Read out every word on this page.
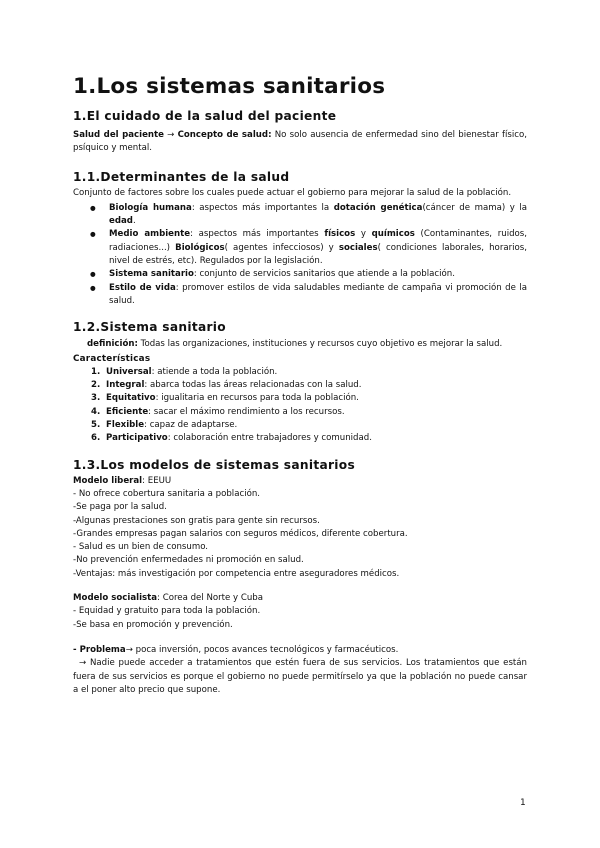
1.Los sistemas sanitarios
1.El cuidado de la salud del paciente

Salud del paciente → Concepto de salud: No solo ausencia de enfermedad sino del bienestar físico, psíquico y mental.

1.1.Determinantes de la salud

Conjunto de factores sobre los cuales puede actuar el gobierno para mejorar la salud de la población.

● Biología humana: aspectos más importantes la dotación genética(cáncer de mama) y la edad.
● Medio ambiente: aspectos más importantes físicos y químicos (Contaminantes, ruidos, radiaciones...) Biológicos( agentes infecciosos) y sociales( condiciones laborales, horarios, nivel de estrés, etc). Regulados por la legislación.
● Sistema sanitario: conjunto de servicios sanitarios que atiende a la población.
● Estilo de vida: promover estilos de vida saludables mediante de campaña vi promoción de la salud.
1.2.Sistema sanitario

definición: Todas las organizaciones, instituciones y recursos cuyo objetivo es mejorar la salud.

Características

1. Universal: atiende a toda la población.
2. Integral: abarca todas las áreas relacionadas con la salud.
3. Equitativo: igualitaria en recursos para toda la población.
4. Eficiente: sacar el máximo rendimiento a los recursos.
5. Flexible: capaz de adaptarse.
6. Participativo: colaboración entre trabajadores y comunidad.
1.3.Los modelos de sistemas sanitarios

Modelo liberal: EEUU

- No ofrece cobertura sanitaria a población.

-Se paga por la salud.

-Algunas prestaciones son gratis para gente sin recursos.

-Grandes empresas pagan salarios con seguros médicos, diferente cobertura.

- Salud es un bien de consumo.

-No prevención enfermedades ni promoción en salud.

-Ventajas: más investigación por competencia entre aseguradores médicos.

Modelo socialista: Corea del Norte y Cuba

- Equidad y gratuito para toda la población.

-Se basa en promoción y prevención.

- Problema→ poca inversión, pocos avances tecnológicos y farmacéuticos.

→ Nadie puede acceder a tratamientos que estén fuera de sus servicios. Los tratamientos que están fuera de sus servicios es porque el gobierno no puede permitírselo ya que la población no puede cansar a el poner alto precio que supone.

1
